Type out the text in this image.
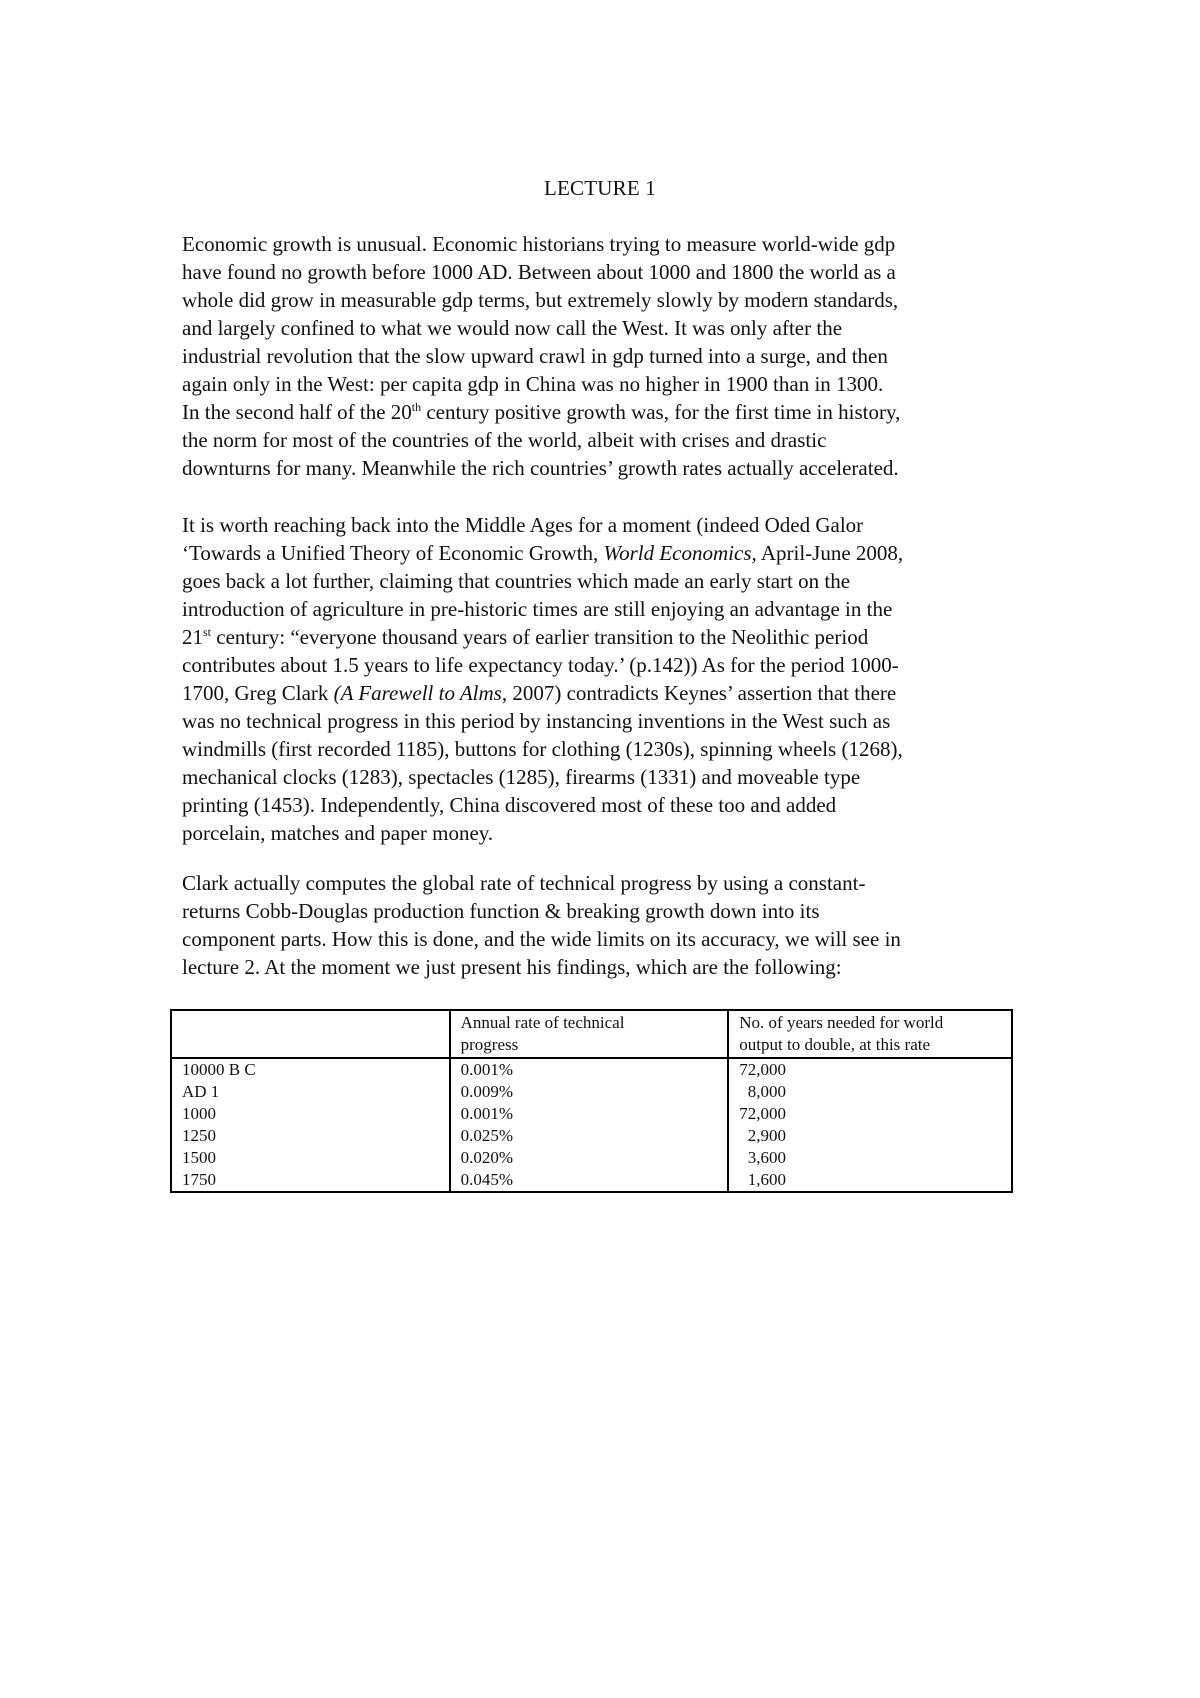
LECTURE 1
Economic growth is unusual. Economic historians trying to measure world-wide gdp
have found no growth before 1000 AD. Between about 1000 and 1800 the world as a
whole did grow in measurable gdp terms, but extremely slowly by modern standards,
and largely confined to what we would now call the West. It was only after the
industrial revolution that the slow upward crawl in gdp turned into a surge, and then
again only in the West: per capita gdp in China was no higher in 1900 than in 1300.
In the second half of the 20th century positive growth was, for the first time in history,
the norm for most of the countries of the world, albeit with crises and drastic
downturns for many. Meanwhile the rich countries’ growth rates actually accelerated.
It is worth reaching back into the Middle Ages for a moment (indeed Oded Galor
‘Towards a Unified Theory of Economic Growth, World Economics, April-June 2008,
goes back a lot further, claiming that countries which made an early start on the
introduction of agriculture in pre-historic times are still enjoying an advantage in the
21st century: “everyone thousand years of earlier transition to the Neolithic period
contributes about 1.5 years to life expectancy today.’ (p.142)) As for the period 1000-
1700, Greg Clark (A Farewell to Alms, 2007) contradicts Keynes’ assertion that there
was no technical progress in this period by instancing inventions in the West such as
windmills (first recorded 1185), buttons for clothing (1230s), spinning wheels (1268),
mechanical clocks (1283), spectacles (1285), firearms (1331) and moveable type
printing (1453). Independently, China discovered most of these too and added
porcelain, matches and paper money.
Clark actually computes the global rate of technical progress by using a constant-
returns Cobb-Douglas production function & breaking growth down into its
component parts. How this is done, and the wide limits on its accuracy, we will see in
lecture 2. At the moment we just present his findings, which are the following:
	Annual rate of technical
progress	No. of years needed for world
output to double, at this rate
10000 B C	0.001%	72,000
AD 1	0.009%	8,000
1000	0.001%	72,000
1250	0.025%	2,900
1500	0.020%	3,600
1750	0.045%	1,600
